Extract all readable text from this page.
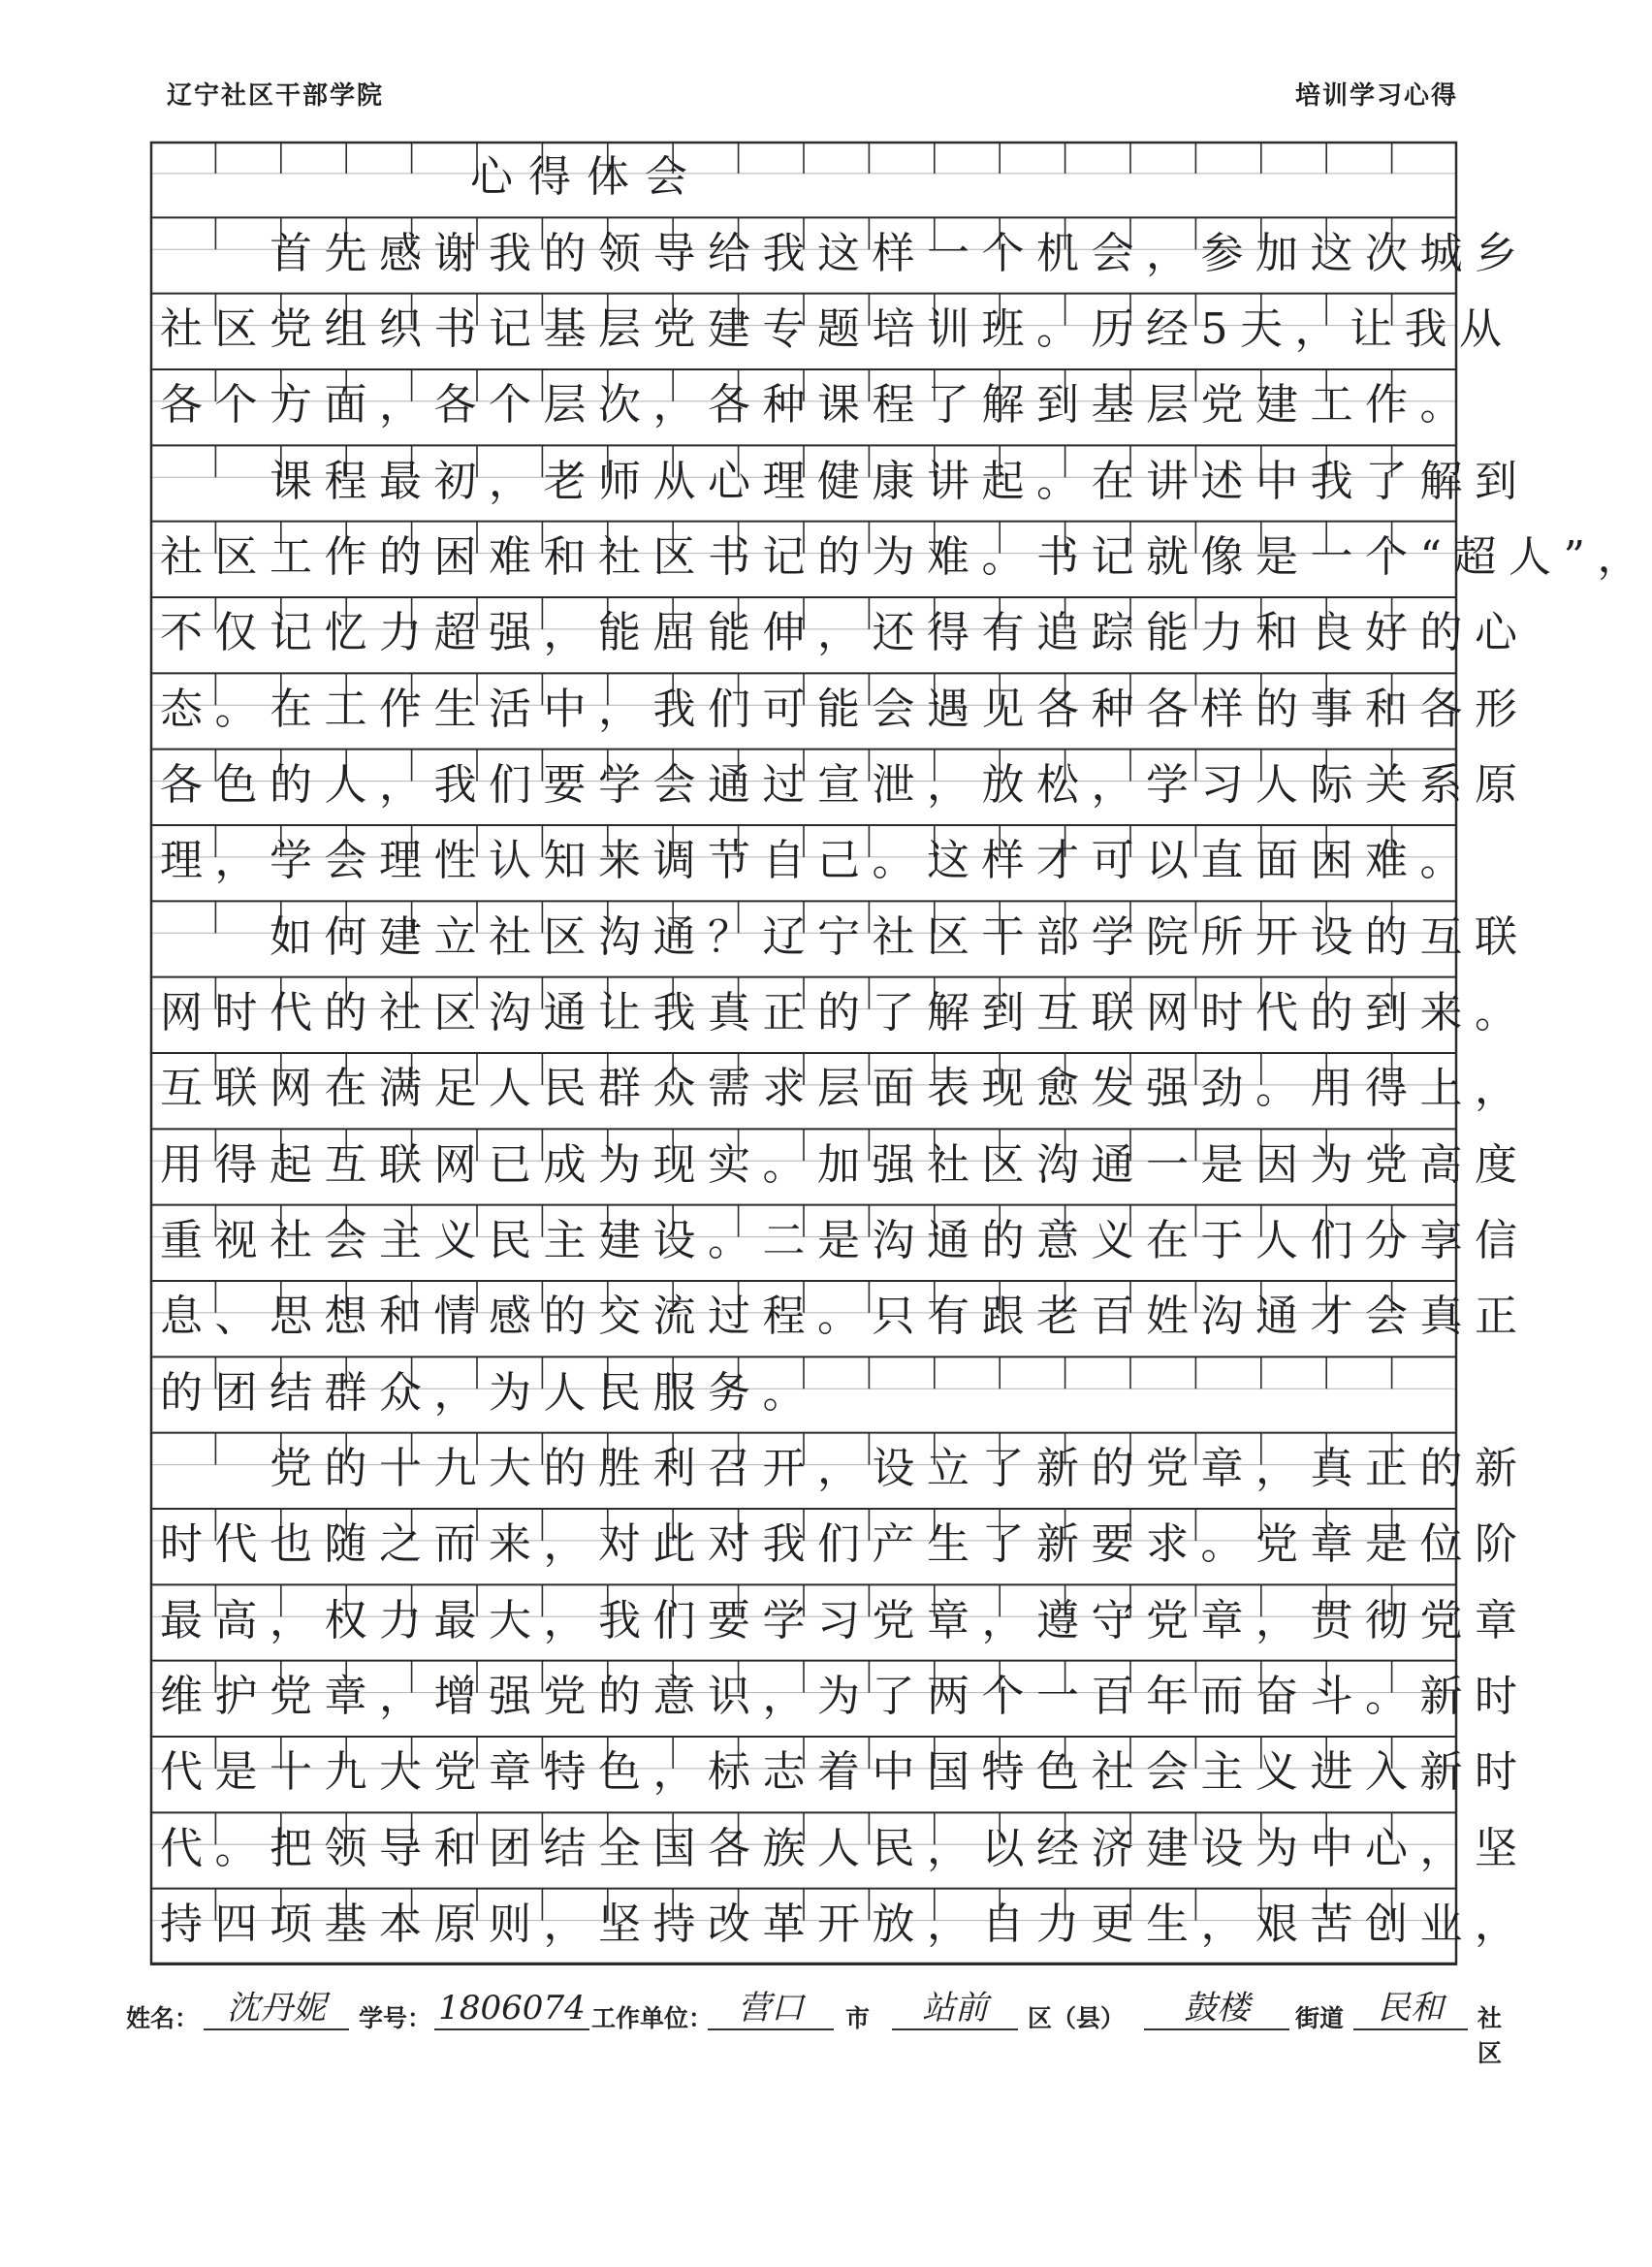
辽宁社区干部学院	培训学习心得
心得体会
　　首先感谢我的领导给我这样一个机会，参加这次城乡
社区党组织书记基层党建专题培训班。历经5天，让我从
各个方面，各个层次，各种课程了解到基层党建工作。
　　课程最初，老师从心理健康讲起。在讲述中我了解到
社区工作的困难和社区书记的为难。书记就像是一个“超人”，
不仅记忆力超强，能屈能伸，还得有追踪能力和良好的心
态。在工作生活中，我们可能会遇见各种各样的事和各形
各色的人，我们要学会通过宣泄，放松，学习人际关系原
理，学会理性认知来调节自己。这样才可以直面困难。
　　如何建立社区沟通？辽宁社区干部学院所开设的互联
网时代的社区沟通让我真正的了解到互联网时代的到来。
互联网在满足人民群众需求层面表现愈发强劲。用得上，
用得起互联网已成为现实。加强社区沟通一是因为党高度
重视社会主义民主建设。二是沟通的意义在于人们分享信
息、思想和情感的交流过程。只有跟老百姓沟通才会真正
的团结群众，为人民服务。
　　党的十九大的胜利召开，设立了新的党章，真正的新
时代也随之而来，对此对我们产生了新要求。党章是位阶
最高，权力最大，我们要学习党章，遵守党章，贯彻党章
维护党章，增强党的意识，为了两个一百年而奋斗。新时
代是十九大党章特色，标志着中国特色社会主义进入新时
代。把领导和团结全国各族人民，以经济建设为中心，坚
持四项基本原则，坚持改革开放，自力更生，艰苦创业，
姓名： 沈丹妮	学号： 1806074 工作单位： 营口	市	站前	区（县）	鼓楼	街道	民和	社区
